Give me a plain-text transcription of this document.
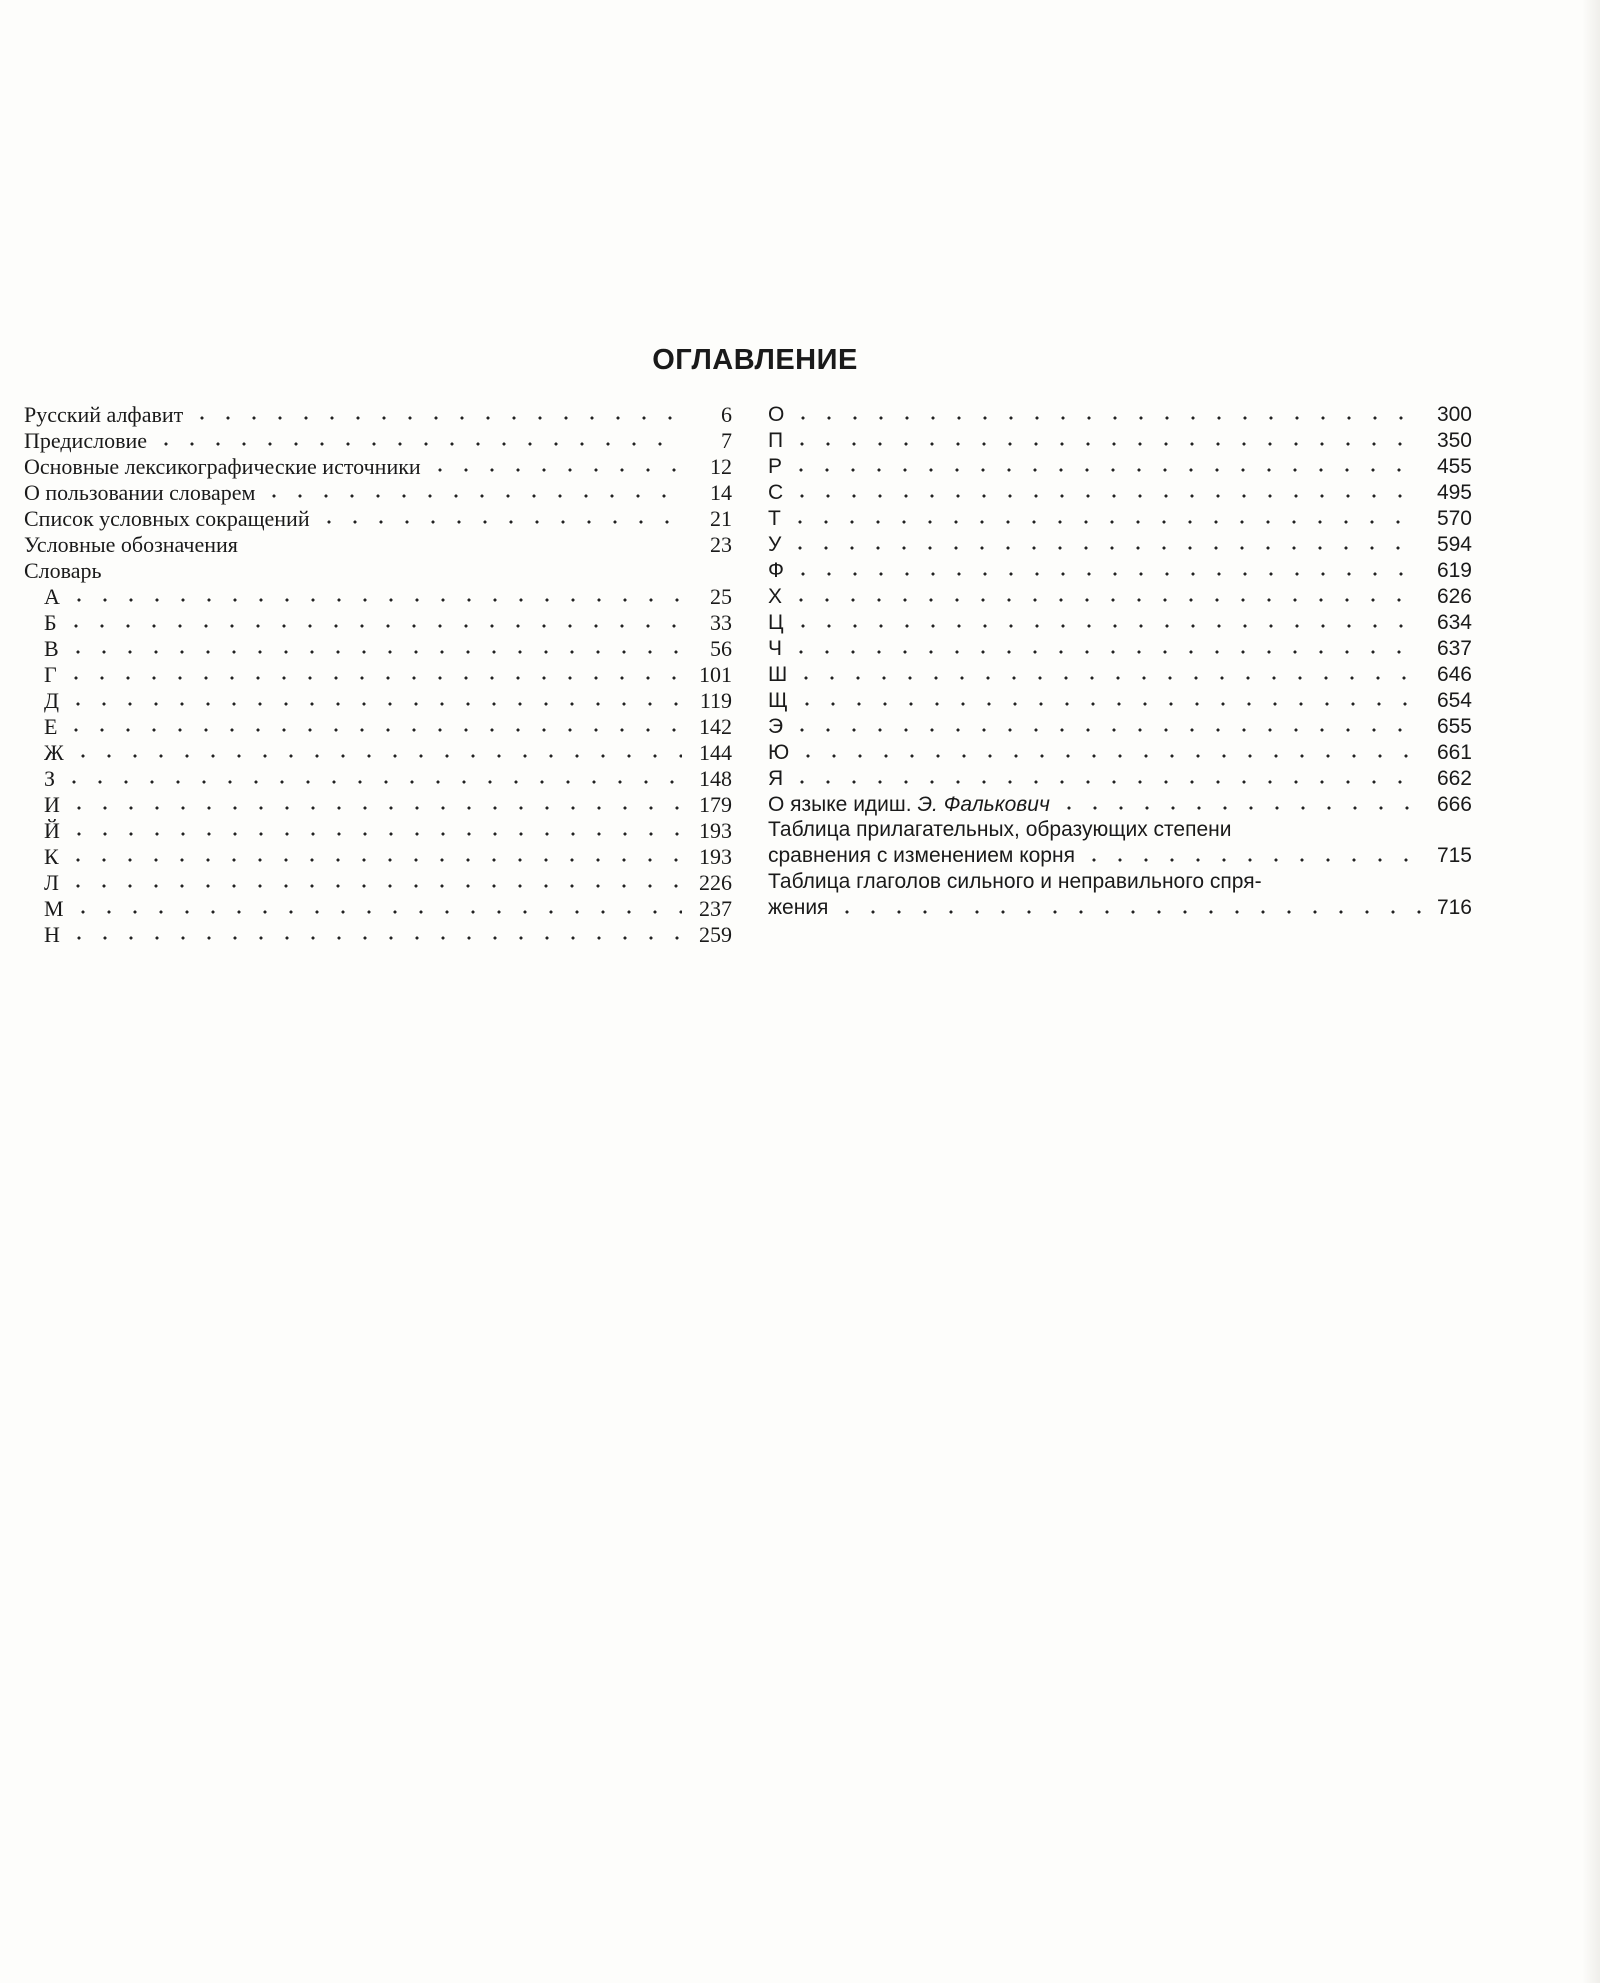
ОГЛАВЛЕНИЕ
Русский алфавит	6
Предисловие	7
Основные лексикографические источники	12
О пользовании словарем	14
Список условных сокращений	21
Условные обозначения	23
Словарь
А	25
Б	33
В	56
Г	101
Д	119
Е	142
Ж	144
З	148
И	179
Й	193
К	193
Л	226
М	237
Н	259
О	300
П	350
Р	455
С	495
Т	570
У	594
Ф	619
Х	626
Ц	634
Ч	637
Ш	646
Щ	654
Э	655
Ю	661
Я	662
О языке идиш. Э. Фалькович	666
Таблица прилагательных, образующих степени
сравнения с изменением корня	715
Таблица глаголов сильного и неправильного спря-
жения	716
